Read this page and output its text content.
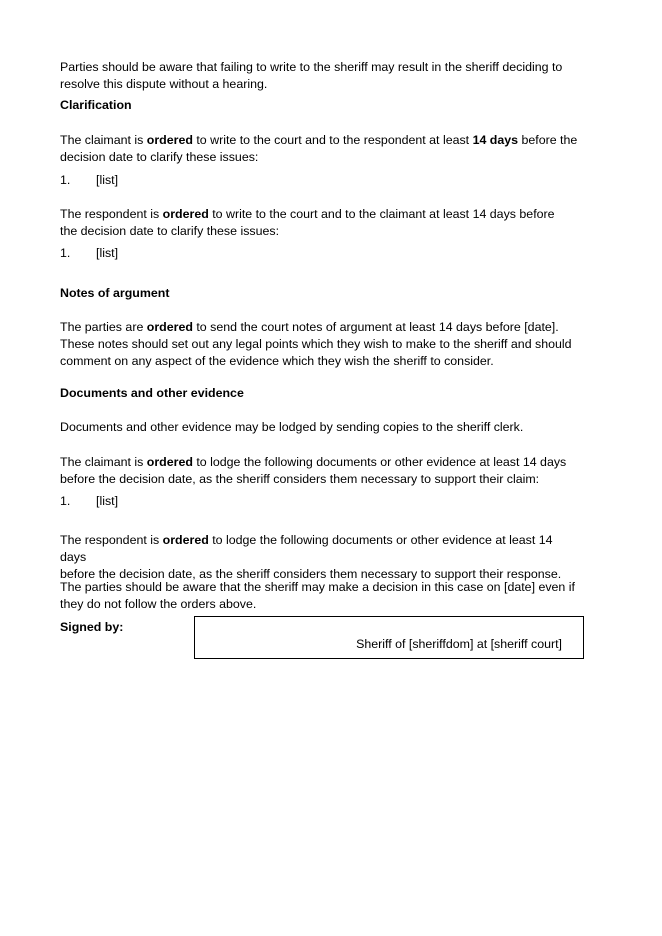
Parties should be aware that failing to write to the sheriff may result in the sheriff deciding to
resolve this dispute without a hearing.

Clarification

The claimant is ordered to write to the court and to the respondent at least 14 days before the
decision date to clarify these issues:

1. [list]

The respondent is ordered to write to the court and to the claimant at least 14 days before
the decision date to clarify these issues:

1. [list]

Notes of argument

The parties are ordered to send the court notes of argument at least 14 days before [date].
These notes should set out any legal points which they wish to make to the sheriff and should
comment on any aspect of the evidence which they wish the sheriff to consider.

Documents and other evidence

Documents and other evidence may be lodged by sending copies to the sheriff clerk.

The claimant is ordered to lodge the following documents or other evidence at least 14 days
before the decision date, as the sheriff considers them necessary to support their claim:

1. [list]

The respondent is ordered to lodge the following documents or other evidence at least 14 days
before the decision date, as the sheriff considers them necessary to support their response.

The parties should be aware that the sheriff may make a decision in this case on [date] even if
they do not follow the orders above.

Signed by:
Sheriff of [sheriffdom] at [sheriff court]
